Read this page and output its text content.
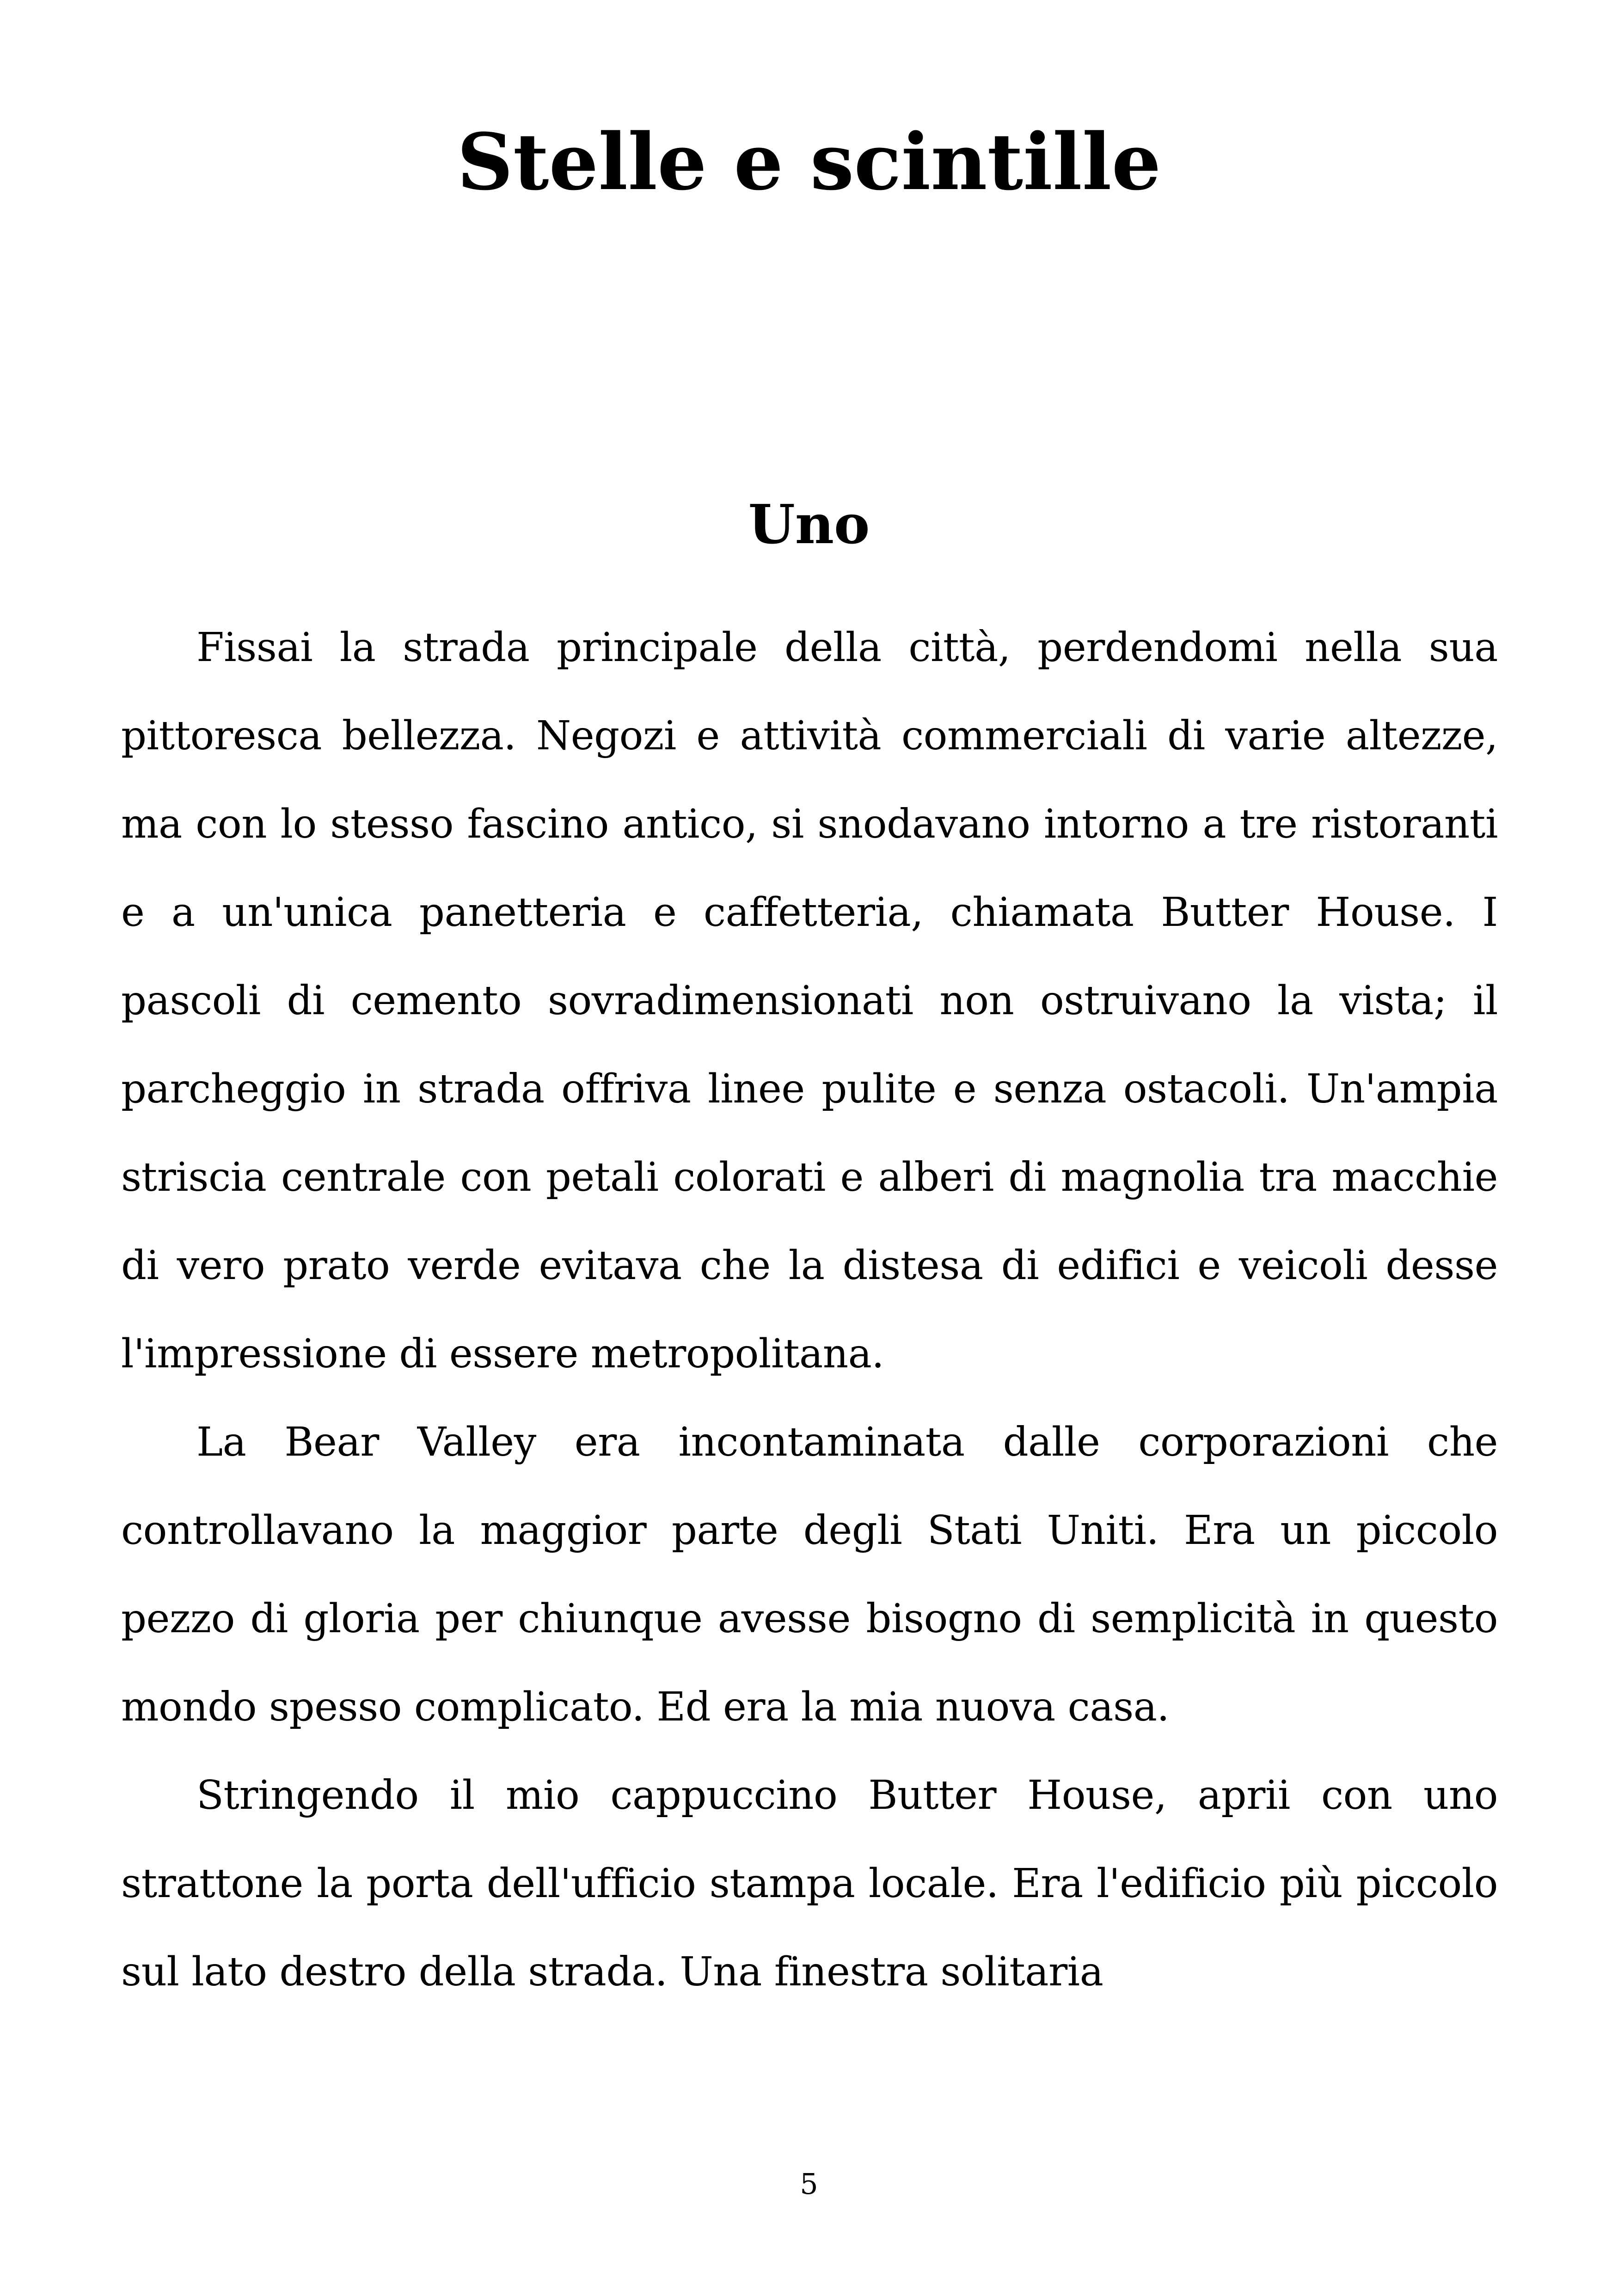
Stelle e scintille
Uno

Fissai la strada principale della città, perdendomi nella sua pittoresca bellezza. Negozi e attività commerciali di varie altezze, ma con lo stesso fascino antico, si snodavano intorno a tre ristoranti e a un'unica panetteria e caffetteria, chiamata Butter House. I pascoli di cemento sovradimensionati non ostruivano la vista; il parcheggio in strada offriva linee pulite e senza ostacoli. Un'ampia striscia centrale con petali colorati e alberi di magnolia tra macchie di vero prato verde evitava che la distesa di edifici e veicoli desse l'impressione di essere metropolitana.

La Bear Valley era incontaminata dalle corporazioni che controllavano la maggior parte degli Stati Uniti. Era un piccolo pezzo di gloria per chiunque avesse bisogno di semplicità in questo mondo spesso complicato. Ed era la mia nuova casa.

Stringendo il mio cappuccino Butter House, aprii con uno strattone la porta dell'ufficio stampa locale. Era l'edificio più piccolo sul lato destro della strada. Una finestra solitaria

5
